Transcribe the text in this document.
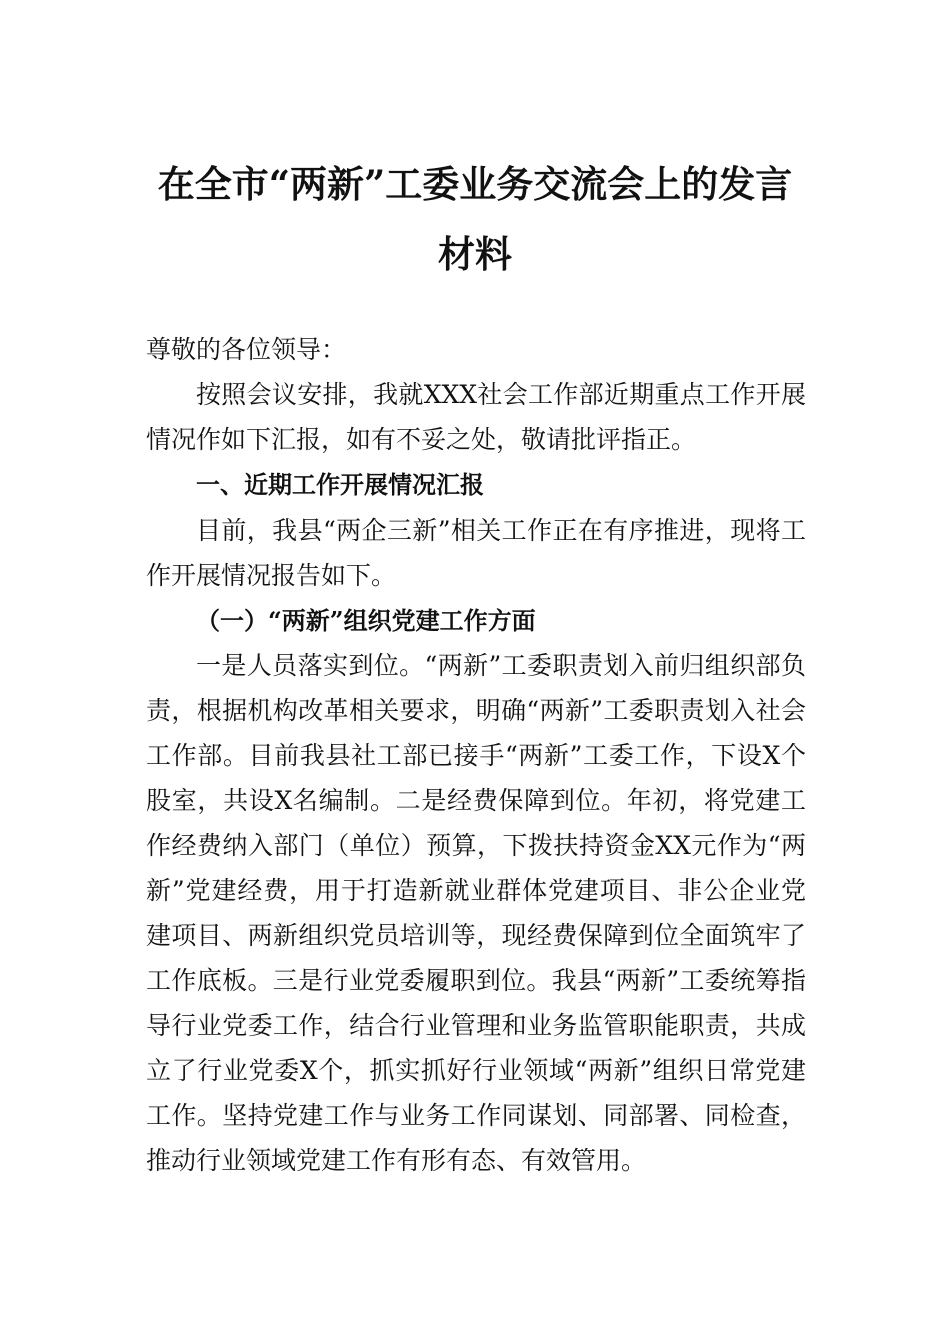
在全市“两新”工委业务交流会上的发言
材料

尊敬的各位领导：

按照会议安排，我就XXX社会工作部近期重点工作开展情况作如下汇报，如有不妥之处，敬请批评指正。

一、近期工作开展情况汇报

目前，我县“两企三新”相关工作正在有序推进，现将工作开展情况报告如下。

（一）“两新”组织党建工作方面

一是人员落实到位。“两新”工委职责划入前归组织部负责，根据机构改革相关要求，明确“两新”工委职责划入社会工作部。目前我县社工部已接手“两新”工委工作，下设X个股室，共设X名编制。二是经费保障到位。年初，将党建工作经费纳入部门（单位）预算，下拨扶持资金XX元作为“两新”党建经费，用于打造新就业群体党建项目、非公企业党建项目、两新组织党员培训等，现经费保障到位全面筑牢了工作底板。三是行业党委履职到位。我县“两新”工委统筹指导行业党委工作，结合行业管理和业务监管职能职责，共成立了行业党委X个，抓实抓好行业领域“两新”组织日常党建工作。坚持党建工作与业务工作同谋划、同部署、同检查，推动行业领域党建工作有形有态、有效管用。
